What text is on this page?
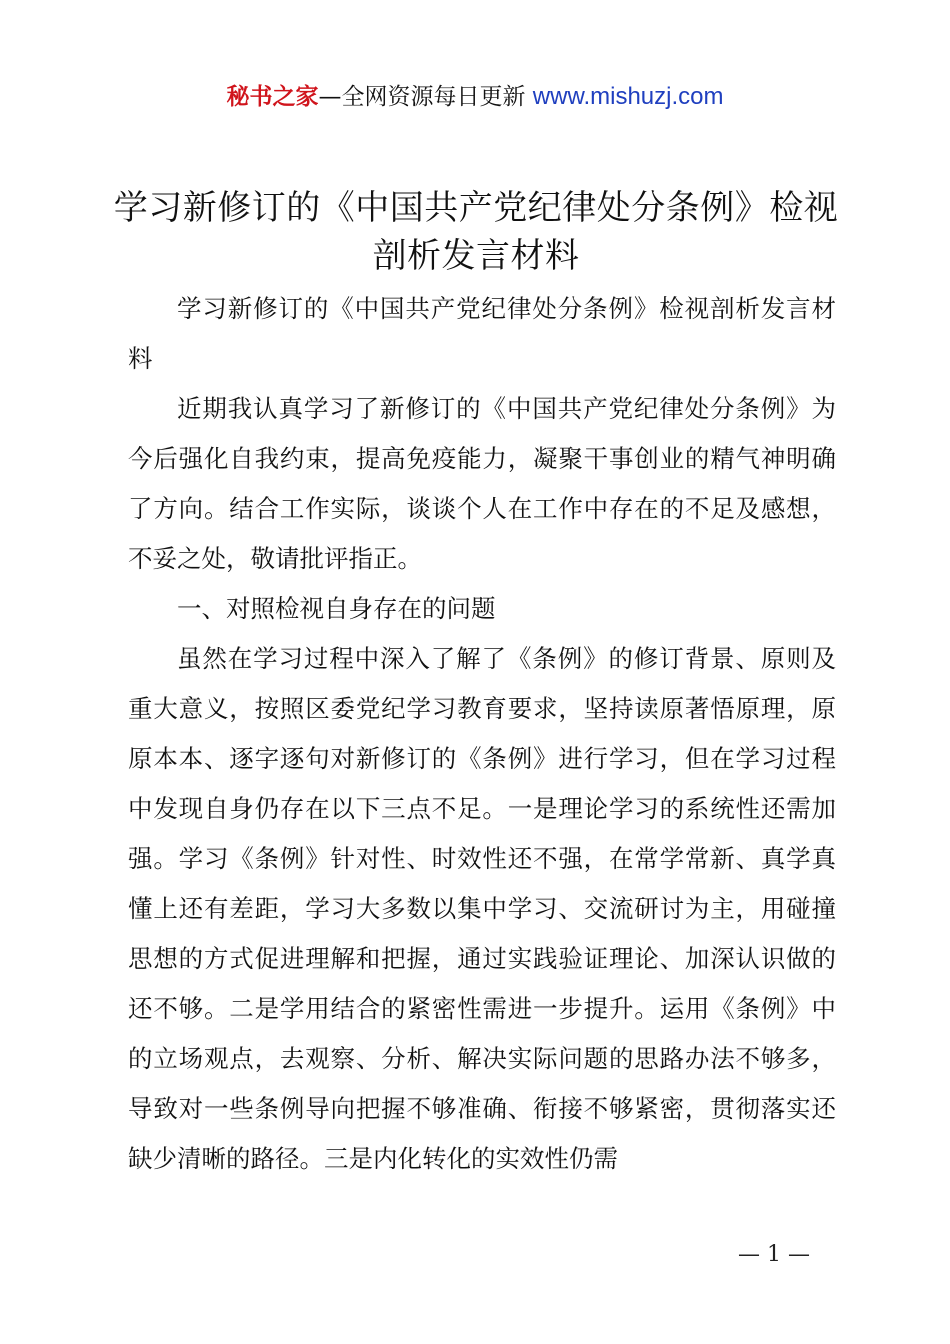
秘书之家—全网资源每日更新 www.mishuzj.com
学习新修订的《中国共产党纪律处分条例》检视剖析发言材料

学习新修订的《中国共产党纪律处分条例》检视剖析发言材料

近期我认真学习了新修订的《中国共产党纪律处分条例》为今后强化自我约束，提高免疫能力，凝聚干事创业的精气神明确了方向。结合工作实际，谈谈个人在工作中存在的不足及感想，不妥之处，敬请批评指正。

一、对照检视自身存在的问题

虽然在学习过程中深入了解了《条例》的修订背景、原则及重大意义，按照区委党纪学习教育要求，坚持读原著悟原理，原原本本、逐字逐句对新修订的《条例》进行学习，但在学习过程中发现自身仍存在以下三点不足。一是理论学习的系统性还需加强。学习《条例》针对性、时效性还不强，在常学常新、真学真懂上还有差距，学习大多数以集中学习、交流研讨为主，用碰撞思想的方式促进理解和把握，通过实践验证理论、加深认识做的还不够。二是学用结合的紧密性需进一步提升。运用《条例》中的立场观点，去观察、分析、解决实际问题的思路办法不够多，导致对一些条例导向把握不够准确、衔接不够紧密，贯彻落实还缺少清晰的路径。三是内化转化的实效性仍需

— 1 —
